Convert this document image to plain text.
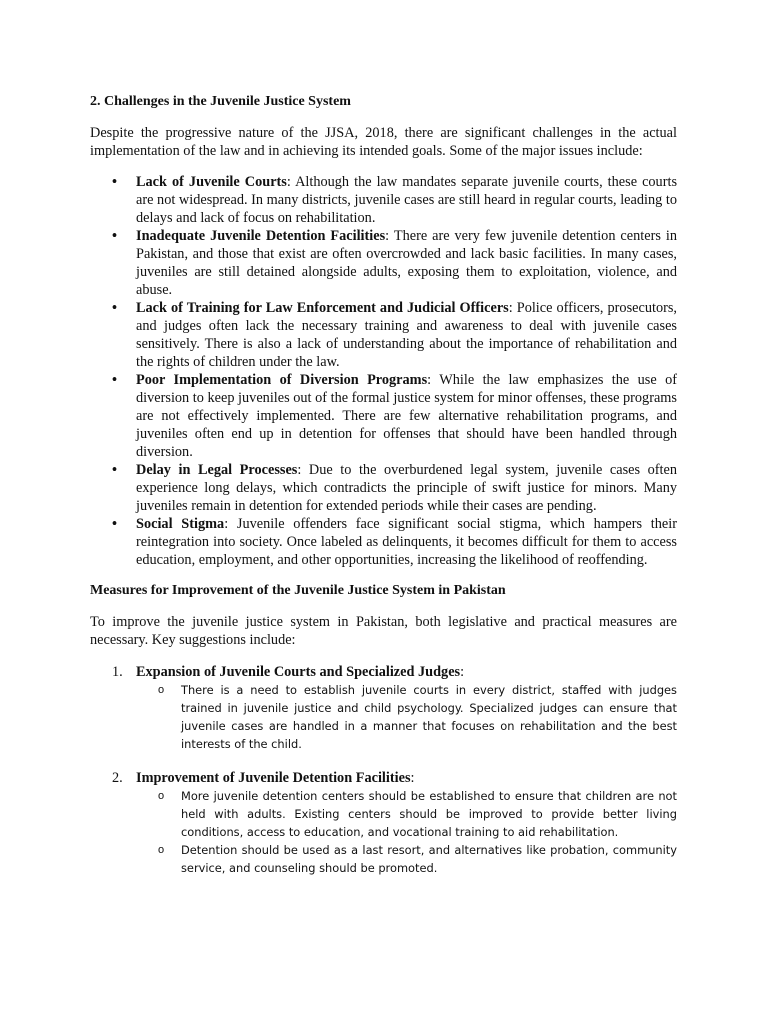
2. Challenges in the Juvenile Justice System

Despite the progressive nature of the JJSA, 2018, there are significant challenges in the actual implementation of the law and in achieving its intended goals. Some of the major issues include:

• Lack of Juvenile Courts: Although the law mandates separate juvenile courts, these courts are not widespread. In many districts, juvenile cases are still heard in regular courts, leading to delays and lack of focus on rehabilitation.
• Inadequate Juvenile Detention Facilities: There are very few juvenile detention centers in Pakistan, and those that exist are often overcrowded and lack basic facilities. In many cases, juveniles are still detained alongside adults, exposing them to exploitation, violence, and abuse.
• Lack of Training for Law Enforcement and Judicial Officers: Police officers, prosecutors, and judges often lack the necessary training and awareness to deal with juvenile cases sensitively. There is also a lack of understanding about the importance of rehabilitation and the rights of children under the law.
• Poor Implementation of Diversion Programs: While the law emphasizes the use of diversion to keep juveniles out of the formal justice system for minor offenses, these programs are not effectively implemented. There are few alternative rehabilitation programs, and juveniles often end up in detention for offenses that should have been handled through diversion.
• Delay in Legal Processes: Due to the overburdened legal system, juvenile cases often experience long delays, which contradicts the principle of swift justice for minors. Many juveniles remain in detention for extended periods while their cases are pending.
• Social Stigma: Juvenile offenders face significant social stigma, which hampers their reintegration into society. Once labeled as delinquents, it becomes difficult for them to access education, employment, and other opportunities, increasing the likelihood of reoffending.

Measures for Improvement of the Juvenile Justice System in Pakistan

To improve the juvenile justice system in Pakistan, both legislative and practical measures are necessary. Key suggestions include:

1. Expansion of Juvenile Courts and Specialized Judges:
o There is a need to establish juvenile courts in every district, staffed with judges trained in juvenile justice and child psychology. Specialized judges can ensure that juvenile cases are handled in a manner that focuses on rehabilitation and the best interests of the child.
2. Improvement of Juvenile Detention Facilities:
o More juvenile detention centers should be established to ensure that children are not held with adults. Existing centers should be improved to provide better living conditions, access to education, and vocational training to aid rehabilitation.
o Detention should be used as a last resort, and alternatives like probation, community service, and counseling should be promoted.
